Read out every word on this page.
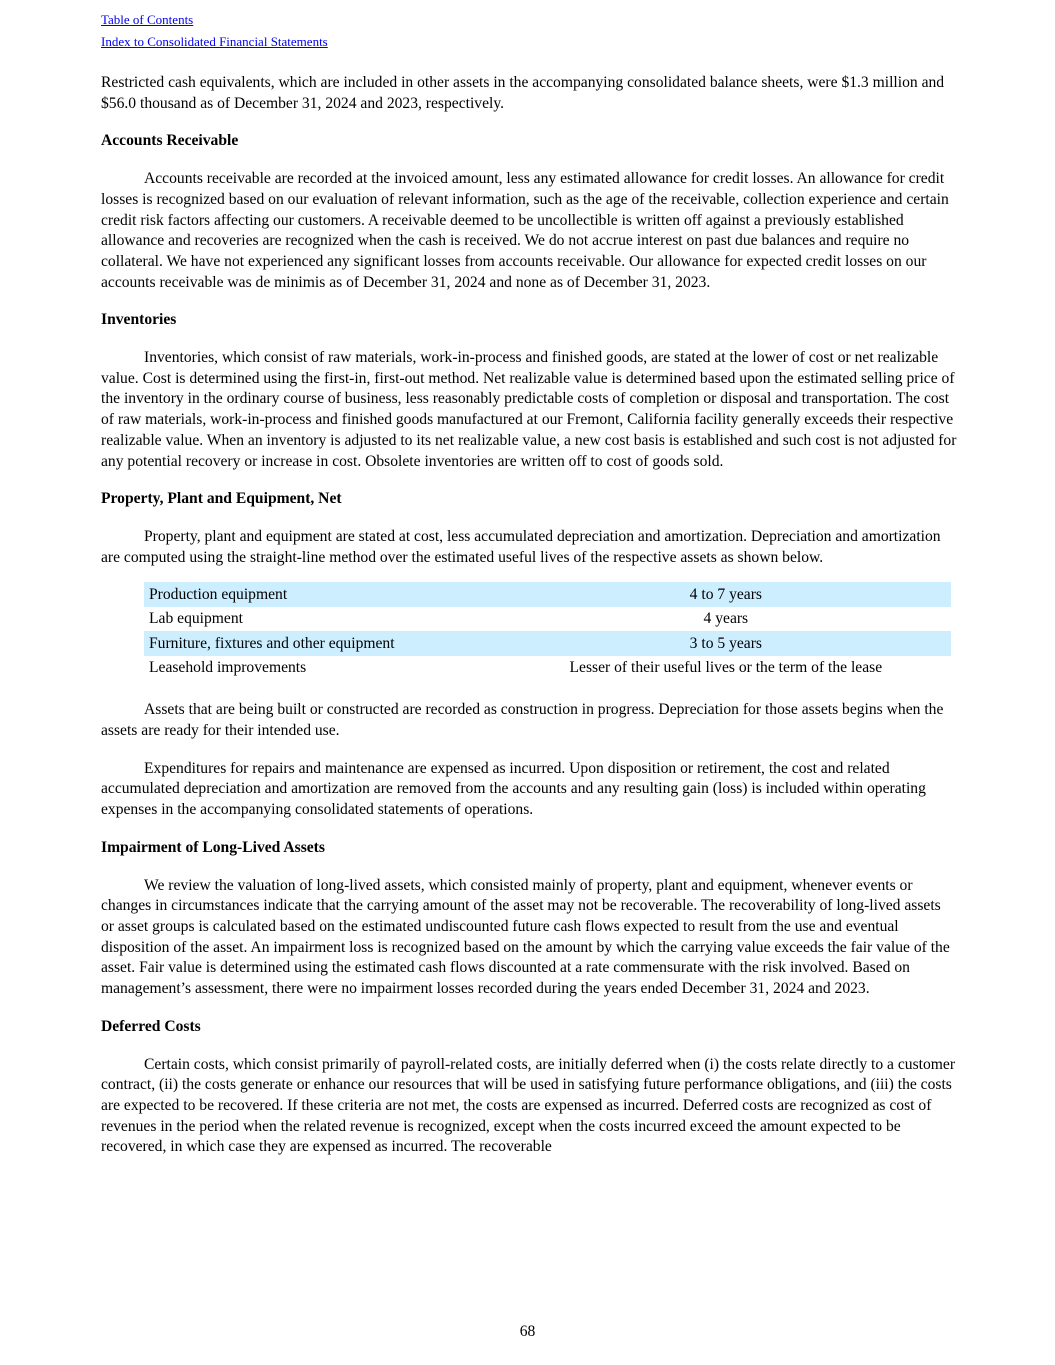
Table of Contents
Index to Consolidated Financial Statements

Restricted cash equivalents, which are included in other assets in the accompanying consolidated balance sheets, were $1.3 million and $56.0 thousand as of December 31, 2024 and 2023, respectively.

Accounts Receivable

Accounts receivable are recorded at the invoiced amount, less any estimated allowance for credit losses. An allowance for credit losses is recognized based on our evaluation of relevant information, such as the age of the receivable, collection experience and certain credit risk factors affecting our customers. A receivable deemed to be uncollectible is written off against a previously established allowance and recoveries are recognized when the cash is received. We do not accrue interest on past due balances and require no collateral. We have not experienced any significant losses from accounts receivable. Our allowance for expected credit losses on our accounts receivable was de minimis as of December 31, 2024 and none as of December 31, 2023.

Inventories

Inventories, which consist of raw materials, work-in-process and finished goods, are stated at the lower of cost or net realizable value. Cost is determined using the first-in, first-out method. Net realizable value is determined based upon the estimated selling price of the inventory in the ordinary course of business, less reasonably predictable costs of completion or disposal and transportation. The cost of raw materials, work-in-process and finished goods manufactured at our Fremont, California facility generally exceeds their respective realizable value. When an inventory is adjusted to its net realizable value, a new cost basis is established and such cost is not adjusted for any potential recovery or increase in cost. Obsolete inventories are written off to cost of goods sold.

Property, Plant and Equipment, Net

Property, plant and equipment are stated at cost, less accumulated depreciation and amortization. Depreciation and amortization are computed using the straight-line method over the estimated useful lives of the respective assets as shown below.

Production equipment	4 to 7 years
Lab equipment	4 years
Furniture, fixtures and other equipment	3 to 5 years
Leasehold improvements	Lesser of their useful lives or the term of the lease

Assets that are being built or constructed are recorded as construction in progress. Depreciation for those assets begins when the assets are ready for their intended use.

Expenditures for repairs and maintenance are expensed as incurred. Upon disposition or retirement, the cost and related accumulated depreciation and amortization are removed from the accounts and any resulting gain (loss) is included within operating expenses in the accompanying consolidated statements of operations.

Impairment of Long-Lived Assets

We review the valuation of long-lived assets, which consisted mainly of property, plant and equipment, whenever events or changes in circumstances indicate that the carrying amount of the asset may not be recoverable. The recoverability of long-lived assets or asset groups is calculated based on the estimated undiscounted future cash flows expected to result from the use and eventual disposition of the asset. An impairment loss is recognized based on the amount by which the carrying value exceeds the fair value of the asset. Fair value is determined using the estimated cash flows discounted at a rate commensurate with the risk involved. Based on management’s assessment, there were no impairment losses recorded during the years ended December 31, 2024 and 2023.

Deferred Costs

Certain costs, which consist primarily of payroll-related costs, are initially deferred when (i) the costs relate directly to a customer contract, (ii) the costs generate or enhance our resources that will be used in satisfying future performance obligations, and (iii) the costs are expected to be recovered. If these criteria are not met, the costs are expensed as incurred. Deferred costs are recognized as cost of revenues in the period when the related revenue is recognized, except when the costs incurred exceed the amount expected to be recovered, in which case they are expensed as incurred. The recoverable

68
